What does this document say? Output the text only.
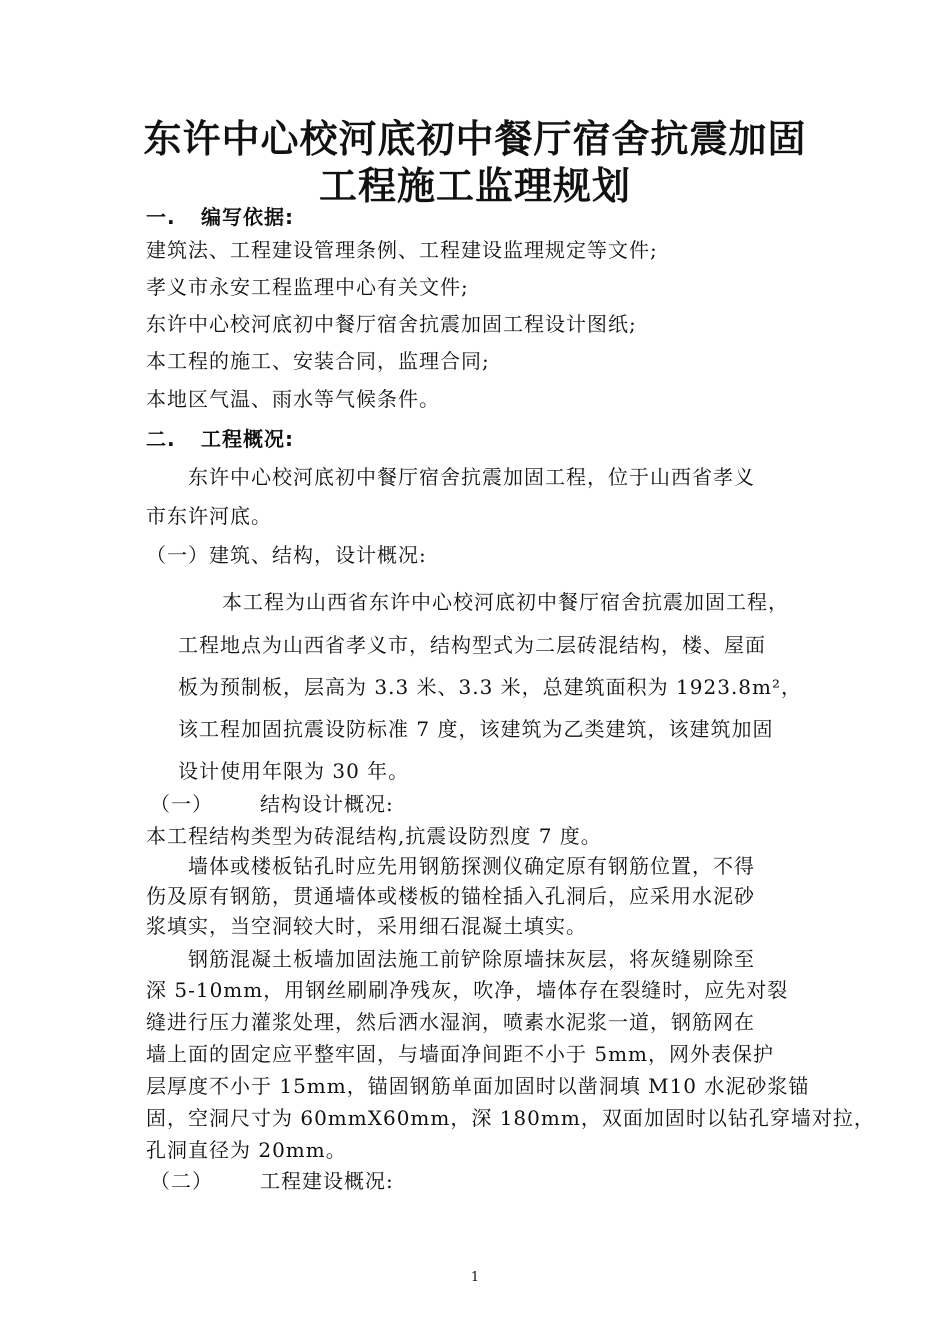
东许中心校河底初中餐厅宿舍抗震加固
工程施工监理规划
一. 编写依据:
建筑法、工程建设管理条例、工程建设监理规定等文件;
孝义市永安工程监理中心有关文件;
东许中心校河底初中餐厅宿舍抗震加固工程设计图纸;
本工程的施工、安装合同，监理合同;
本地区气温、雨水等气候条件。
二. 工程概况:
东许中心校河底初中餐厅宿舍抗震加固工程，位于山西省孝义
市东许河底。
（一）建筑、结构，设计概况:
本工程为山西省东许中心校河底初中餐厅宿舍抗震加固工程，
工程地点为山西省孝义市，结构型式为二层砖混结构，楼、屋面
板为预制板，层高为 3.3 米、3.3 米，总建筑面积为 1923.8m²，
该工程加固抗震设防标准 7 度，该建筑为乙类建筑，该建筑加固
设计使用年限为 30 年。
（一） 结构设计概况:
本工程结构类型为砖混结构,抗震设防烈度 7 度。
墙体或楼板钻孔时应先用钢筋探测仪确定原有钢筋位置，不得
伤及原有钢筋，贯通墙体或楼板的锚栓插入孔洞后，应采用水泥砂
浆填实，当空洞较大时，采用细石混凝土填实。
钢筋混凝土板墙加固法施工前铲除原墙抹灰层，将灰缝剔除至
深 5-10mm，用钢丝刷刷净残灰，吹净，墙体存在裂缝时，应先对裂
缝进行压力灌浆处理，然后洒水湿润，喷素水泥浆一道，钢筋网在
墙上面的固定应平整牢固，与墙面净间距不小于 5mm，网外表保护
层厚度不小于 15mm，锚固钢筋单面加固时以凿洞填 M10 水泥砂浆锚
固，空洞尺寸为 60mmX60mm，深 180mm，双面加固时以钻孔穿墙对拉，
孔洞直径为 20mm。
（二） 工程建设概况:
1
